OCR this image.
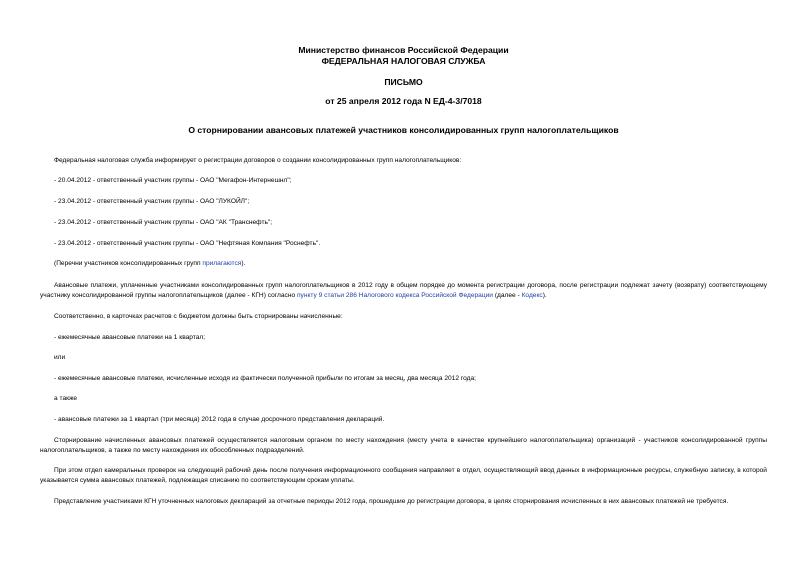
Министерство финансов Российской Федерации
ФЕДЕРАЛЬНАЯ НАЛОГОВАЯ СЛУЖБА
ПИСЬМО
от 25 апреля 2012 года N ЕД-4-3/7018
О сторнировании авансовых платежей участников консолидированных групп налогоплательщиков
Федеральная налоговая служба информирует о регистрации договоров о создании консолидированных групп налогоплательщиков:
- 20.04.2012 - ответственный участник группы - ОАО "Мегафон-Интернешнл";
- 23.04.2012 - ответственный участник группы - ОАО "ЛУКОЙЛ";
- 23.04.2012 - ответственный участник группы - ОАО "АК "Транснефть";
- 23.04.2012 - ответственный участник группы - ОАО "Нефтяная Компания "Роснефть".
(Перечни участников консолидированных групп прилагаются).
Авансовые платежи, уплаченные участниками консолидированных групп налогоплательщиков в 2012 году в общем порядке до момента регистрации договора, после регистрации подлежат зачету (возврату) соответствующему участнику консолидированной группы налогоплательщиков (далее - КГН) согласно пункту 9 статьи 286 Налогового кодекса Российской Федерации (далее - Кодекс).
Соответственно, в карточках расчетов с бюджетом должны быть сторнированы начисленные:
- ежемесячные авансовые платежи на 1 квартал;
или
- ежемесячные авансовые платежи, исчисленные исходя из фактически полученной прибыли по итогам за месяц, два месяца 2012 года;
а также
- авансовые платежи за 1 квартал (три месяца) 2012 года в случае досрочного представления деклараций.
Сторнирование начисленных авансовых платежей осуществляется налоговым органом по месту нахождения (месту учета в качестве крупнейшего налогоплательщика) организаций - участников консолидированной группы налогоплательщиков, а также по месту нахождения их обособленных подразделений.
При этом отдел камеральных проверок на следующий рабочий день после получения информационного сообщения направляет в отдел, осуществляющий ввод данных в информационные ресурсы, служебную записку, в которой указывается сумма авансовых платежей, подлежащая списанию по соответствующим срокам уплаты.
Представление участниками КГН уточненных налоговых деклараций за отчетные периоды 2012 года, прошедшие до регистрации договора, в целях сторнирования исчисленных в них авансовых платежей не требуется.
